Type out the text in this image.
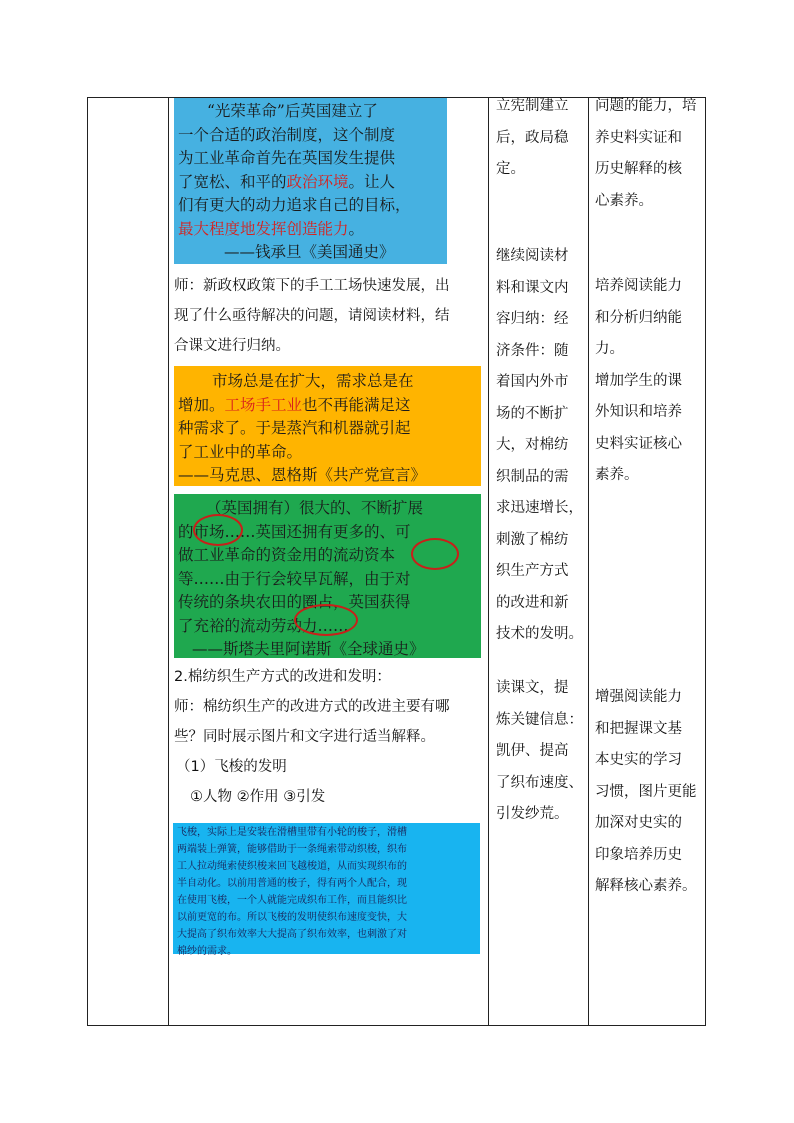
“光荣革命”后英国建立了
一个合适的政治制度，这个制度
为工业革命首先在英国发生提供
了宽松、和平的政治环境。让人
们有更大的动力追求自己的目标，
最大程度地发挥创造能力。
——钱承旦《美国通史》
师：新政权政策下的手工工场快速发展，出
现了什么亟待解决的问题，请阅读材料，结
合课文进行归纳。
市场总是在扩大，需求总是在
增加。工场手工业也不再能满足这
种需求了。于是蒸汽和机器就引起
了工业中的革命。
——马克思、恩格斯《共产党宣言》
（英国拥有）很大的、不断扩展
的市场……英国还拥有更多的、可
做工业革命的资金用的流动资本
等……由于行会较早瓦解，由于对
传统的条块农田的圈占，英国获得
了充裕的流动劳动力……
——斯塔夫里阿诺斯《全球通史》
2.棉纺织生产方式的改进和发明：
师：棉纺织生产的改进方式的改进主要有哪
些？同时展示图片和文字进行适当解释。
（1）飞梭的发明
①人物 ②作用 ③引发
飞梭，实际上是安装在滑槽里带有小轮的梭子，滑槽
两端装上弹簧，能够借助于一条绳索带动织梭，织布
工人拉动绳索使织梭来回飞越梭道，从而实现织布的
半自动化。以前用普通的梭子，得有两个人配合，现
在使用飞梭，一个人就能完成织布工作，而且能织比
以前更宽的布。所以飞梭的发明使织布速度变快，大
大提高了织布效率大大提高了织布效率，也刺激了对
棉纱的需求。
立宪制建立
后，政局稳
定。
继续阅读材
料和课文内
容归纳：经
济条件：随
着国内外市
场的不断扩
大，对棉纺
织制品的需
求迅速增长，
刺激了棉纺
织生产方式
的改进和新
技术的发明。
读课文，提
炼关键信息：
凯伊、提高
了织布速度、
引发纱荒。
问题的能力，培
养史料实证和
历史解释的核
心素养。
培养阅读能力
和分析归纳能
力。
增加学生的课
外知识和培养
史料实证核心
素养。
增强阅读能力
和把握课文基
本史实的学习
习惯，图片更能
加深对史实的
印象培养历史
解释核心素养。
